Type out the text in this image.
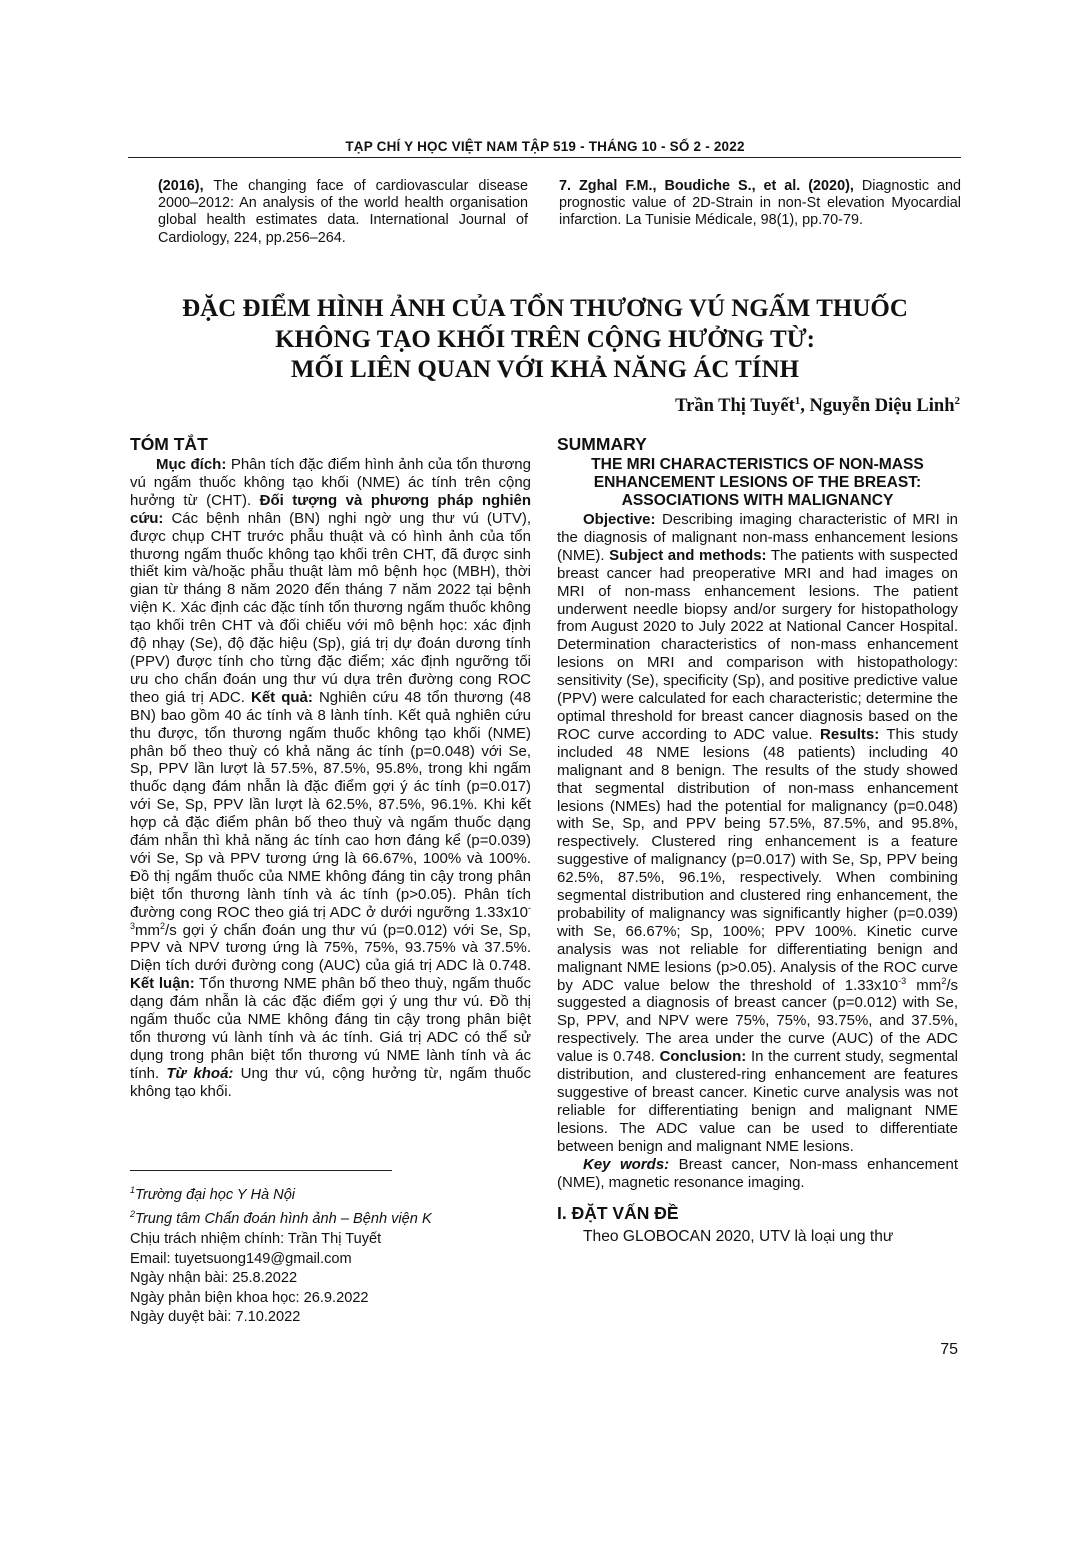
TẠP CHÍ Y HỌC VIỆT NAM TẬP 519 - THÁNG 10 - SỐ 2 - 2022
(2016), The changing face of cardiovascular disease 2000–2012: An analysis of the world health organisation global health estimates data. International Journal of Cardiology, 224, pp.256–264.
7. Zghal F.M., Boudiche S., et al. (2020), Diagnostic and prognostic value of 2D-Strain in non-St elevation Myocardial infarction. La Tunisie Médicale, 98(1), pp.70-79.
ĐẶC ĐIỂM HÌNH ẢNH CỦA TỔN THƯƠNG VÚ NGẤM THUỐC
KHÔNG TẠO KHỐI TRÊN CỘNG HƯỞNG TỪ:
MỐI LIÊN QUAN VỚI KHẢ NĂNG ÁC TÍNH
Trần Thị Tuyết$^1$, Nguyễn Diệu Linh$^2$
TÓM TẮT

Mục đích: Phân tích đặc điểm hình ảnh của tổn thương vú ngấm thuốc không tạo khối (NME) ác tính trên cộng hưởng từ (CHT). Đối tượng và phương pháp nghiên cứu: Các bệnh nhân (BN) nghi ngờ ung thư vú (UTV), được chụp CHT trước phẫu thuật và có hình ảnh của tổn thương ngấm thuốc không tạo khối trên CHT, đã được sinh thiết kim và/hoặc phẫu thuật làm mô bệnh học (MBH), thời gian từ tháng 8 năm 2020 đến tháng 7 năm 2022 tại bệnh viện K. Xác định các đặc tính tổn thương ngấm thuốc không tạo khối trên CHT và đối chiếu với mô bệnh học: xác định độ nhạy (Se), độ đặc hiệu (Sp), giá trị dự đoán dương tính (PPV) được tính cho từng đặc điểm; xác định ngưỡng tối ưu cho chẩn đoán ung thư vú dựa trên đường cong ROC theo giá trị ADC. Kết quả: Nghiên cứu 48 tổn thương (48 BN) bao gồm 40 ác tính và 8 lành tính. Kết quả nghiên cứu thu được, tổn thương ngấm thuốc không tạo khối (NME) phân bố theo thuỳ có khả năng ác tính (p=0.048) với Se, Sp, PPV lần lượt là 57.5%, 87.5%, 95.8%, trong khi ngấm thuốc dạng đám nhẫn là đặc điểm gợi ý ác tính (p=0.017) với Se, Sp, PPV lần lượt là 62.5%, 87.5%, 96.1%. Khi kết hợp cả đặc điểm phân bố theo thuỳ và ngấm thuốc dạng đám nhẫn thì khả năng ác tính cao hơn đáng kể (p=0.039) với Se, Sp và PPV tương ứng là 66.67%, 100% và 100%. Đồ thị ngấm thuốc của NME không đáng tin cậy trong phân biệt tổn thương lành tính và ác tính (p>0.05). Phân tích đường cong ROC theo giá trị ADC ở dưới ngưỡng $1.33x10^{-3}mm^2/s$ gợi ý chẩn đoán ung thư vú (p=0.012) với Se, Sp, PPV và NPV tương ứng là 75%, 75%, 93.75% và 37.5%. Diện tích dưới đường cong (AUC) của giá trị ADC là 0.748. Kết luận: Tổn thương NME phân bố theo thuỳ, ngấm thuốc dạng đám nhẫn là các đặc điểm gợi ý ung thư vú. Đồ thị ngấm thuốc của NME không đáng tin cậy trong phân biệt tổn thương vú lành tính và ác tính. Giá trị ADC có thể sử dụng trong phân biệt tổn thương vú NME lành tính và ác tính. Từ khoá: Ung thư vú, cộng hưởng từ, ngấm thuốc không tạo khối.

$^1$Trường đại học Y Hà Nội
$^2$Trung tâm Chẩn đoán hình ảnh – Bệnh viện K
Chịu trách nhiệm chính: Trần Thị Tuyết
Email: tuyetsuong149@gmail.com
Ngày nhận bài: 25.8.2022
Ngày phản biện khoa học: 26.9.2022
Ngày duyệt bài: 7.10.2022
SUMMARY
THE MRI CHARACTERISTICS OF NON-MASS ENHANCEMENT LESIONS OF THE BREAST: ASSOCIATIONS WITH MALIGNANCY

Objective: Describing imaging characteristic of MRI in the diagnosis of malignant non-mass enhancement lesions (NME). Subject and methods: The patients with suspected breast cancer had preoperative MRI and had images on MRI of non-mass enhancement lesions. The patient underwent needle biopsy and/or surgery for histopathology from August 2020 to July 2022 at National Cancer Hospital. Determination characteristics of non-mass enhancement lesions on MRI and comparison with histopathology: sensitivity (Se), specificity (Sp), and positive predictive value (PPV) were calculated for each characteristic; determine the optimal threshold for breast cancer diagnosis based on the ROC curve according to ADC value. Results: This study included 48 NME lesions (48 patients) including 40 malignant and 8 benign. The results of the study showed that segmental distribution of non-mass enhancement lesions (NMEs) had the potential for malignancy (p=0.048) with Se, Sp, and PPV being 57.5%, 87.5%, and 95.8%, respectively. Clustered ring enhancement is a feature suggestive of malignancy (p=0.017) with Se, Sp, PPV being 62.5%, 87.5%, 96.1%, respectively. When combining segmental distribution and clustered ring enhancement, the probability of malignancy was significantly higher (p=0.039) with Se, 66.67%; Sp, 100%; PPV 100%. Kinetic curve analysis was not reliable for differentiating benign and malignant NME lesions (p>0.05). Analysis of the ROC curve by ADC value below the threshold of $1.33x10^{-3}$ $mm^2/s$ suggested a diagnosis of breast cancer (p=0.012) with Se, Sp, PPV, and NPV were 75%, 75%, 93.75%, and 37.5%, respectively. The area under the curve (AUC) of the ADC value is 0.748. Conclusion: In the current study, segmental distribution, and clustered-ring enhancement are features suggestive of breast cancer. Kinetic curve analysis was not reliable for differentiating benign and malignant NME lesions. The ADC value can be used to differentiate between benign and malignant NME lesions.

Key words: Breast cancer, Non-mass enhancement (NME), magnetic resonance imaging.

I. ĐẶT VẤN ĐỀ

Theo GLOBOCAN 2020, UTV là loại ung thư

75
